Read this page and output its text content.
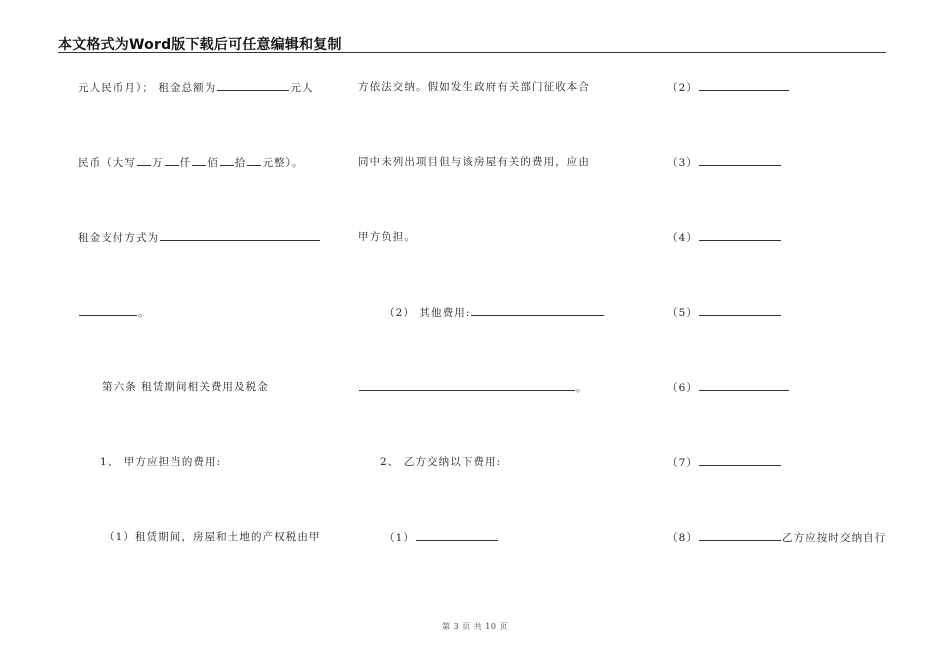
本文格式为Word版下载后可任意编辑和复制
元人民币月）； 租金总额为	元人
民币（大写 万 仟 佰 拾 元整）。
租金支付方式为
。
第六条 租赁期间相关费用及税金
1、 甲方应担当的费用:
（1）租赁期间，房屋和土地的产权税由甲
方依法交纳。假如发生政府有关部门征收本合
同中未列出项目但与该房屋有关的费用，应由
甲方负担。
（2） 其他费用:
。
2、 乙方交纳以下费用:
（1）
（2）
（3）
（4）
（5）
（6）
（7）
（8）	乙方应按时交纳自行
第 3 页 共 10 页
